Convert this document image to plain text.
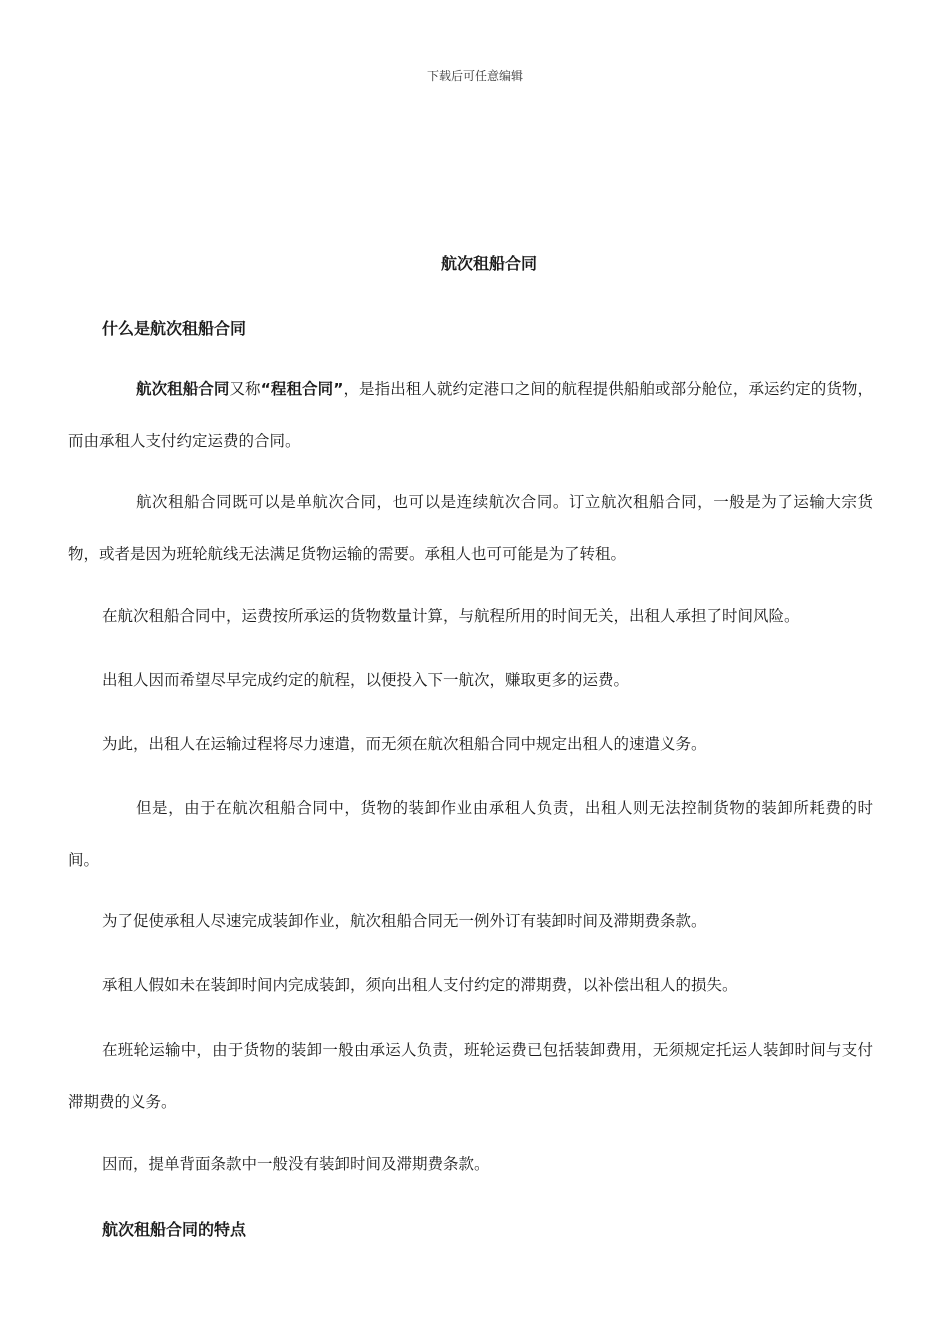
下载后可任意编辑
航次租船合同
什么是航次租船合同

航次租船合同又称“程租合同”，是指出租人就约定港口之间的航程提供船舶或部分舱位，承运约定的货物，而由承租人支付约定运费的合同。

航次租船合同既可以是单航次合同，也可以是连续航次合同。订立航次租船合同，一般是为了运输大宗货物，或者是因为班轮航线无法满足货物运输的需要。承租人也可可能是为了转租。

在航次租船合同中，运费按所承运的货物数量计算，与航程所用的时间无关，出租人承担了时间风险。

出租人因而希望尽早完成约定的航程，以便投入下一航次，赚取更多的运费。

为此，出租人在运输过程将尽力速遣，而无须在航次租船合同中规定出租人的速遣义务。

但是，由于在航次租船合同中，货物的装卸作业由承租人负责，出租人则无法控制货物的装卸所耗费的时间。

为了促使承租人尽速完成装卸作业，航次租船合同无一例外订有装卸时间及滞期费条款。

承租人假如未在装卸时间内完成装卸，须向出租人支付约定的滞期费，以补偿出租人的损失。

在班轮运输中，由于货物的装卸一般由承运人负责，班轮运费已包括装卸费用，无须规定托运人装卸时间与支付滞期费的义务。

因而，提单背面条款中一般没有装卸时间及滞期费条款。

航次租船合同的特点
